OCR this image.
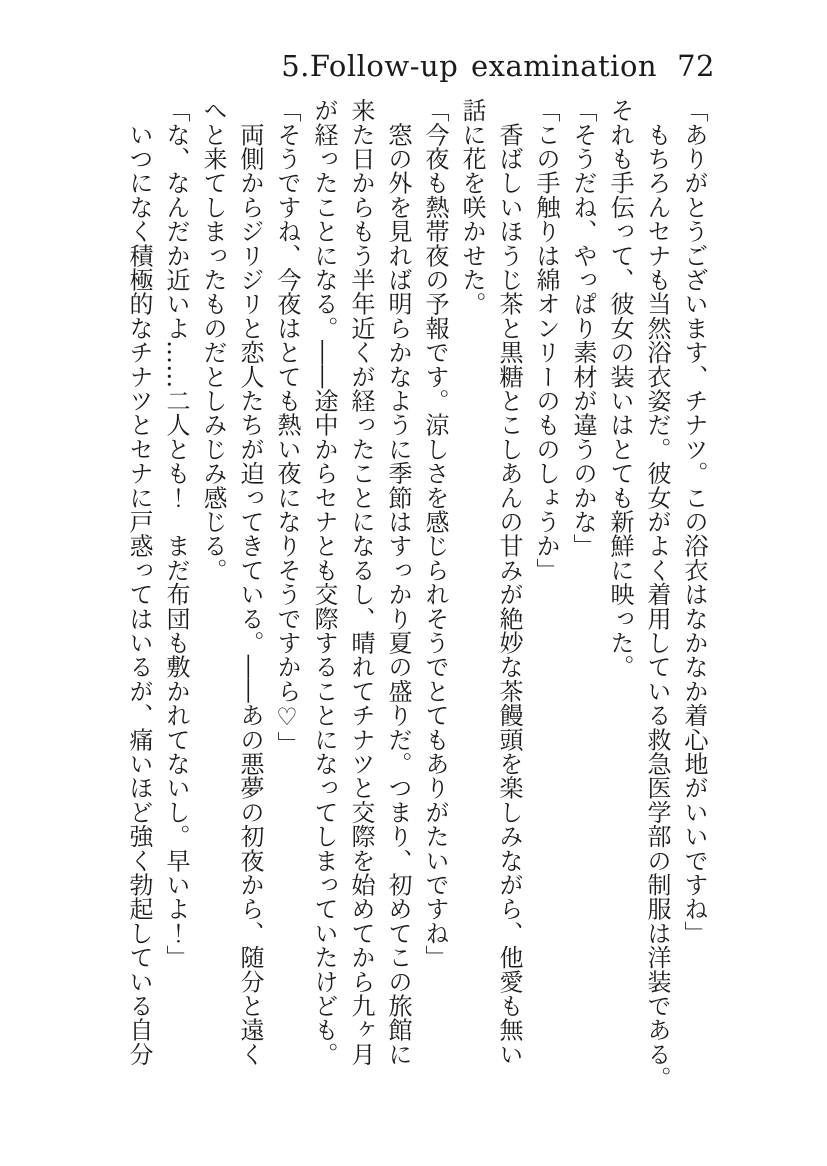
5.Follow-up examination 72
「ありがとうございます、チナツ。この浴衣はなかなか着心地がいいですね」
　もちろんセナも当然浴衣姿だ。彼女がよく着用している救急医学部の制服は洋装である。
それも手伝って、彼女の装いはとても新鮮に映った。
「そうだね、やっぱり素材が違うのかな」
「この手触りは綿オンリーのものしょうか」
　香ばしいほうじ茶と黒糖とこしあんの甘みが絶妙な茶饅頭を楽しみながら、他愛も無い
話に花を咲かせた。
「今夜も熱帯夜の予報です。涼しさを感じられそうでとてもありがたいですね」
　窓の外を見れば明らかなように季節はすっかり夏の盛りだ。つまり、初めてこの旅館に
来た日からもう半年近くが経ったことになるし、晴れてチナツと交際を始めてから九ヶ月
が経ったことになる。――途中からセナとも交際することになってしまっていたけども。
「そうですね、今夜はとても熱い夜になりそうですから♡」
　両側からジリジリと恋人たちが迫ってきている。――あの悪夢の初夜から、随分と遠く
へと来てしまったものだとしみじみ感じる。
「な、なんだか近いよ……二人とも！　まだ布団も敷かれてないし。早いよ！」
　いつになく積極的なチナツとセナに戸惑ってはいるが、痛いほど強く勃起している自分
